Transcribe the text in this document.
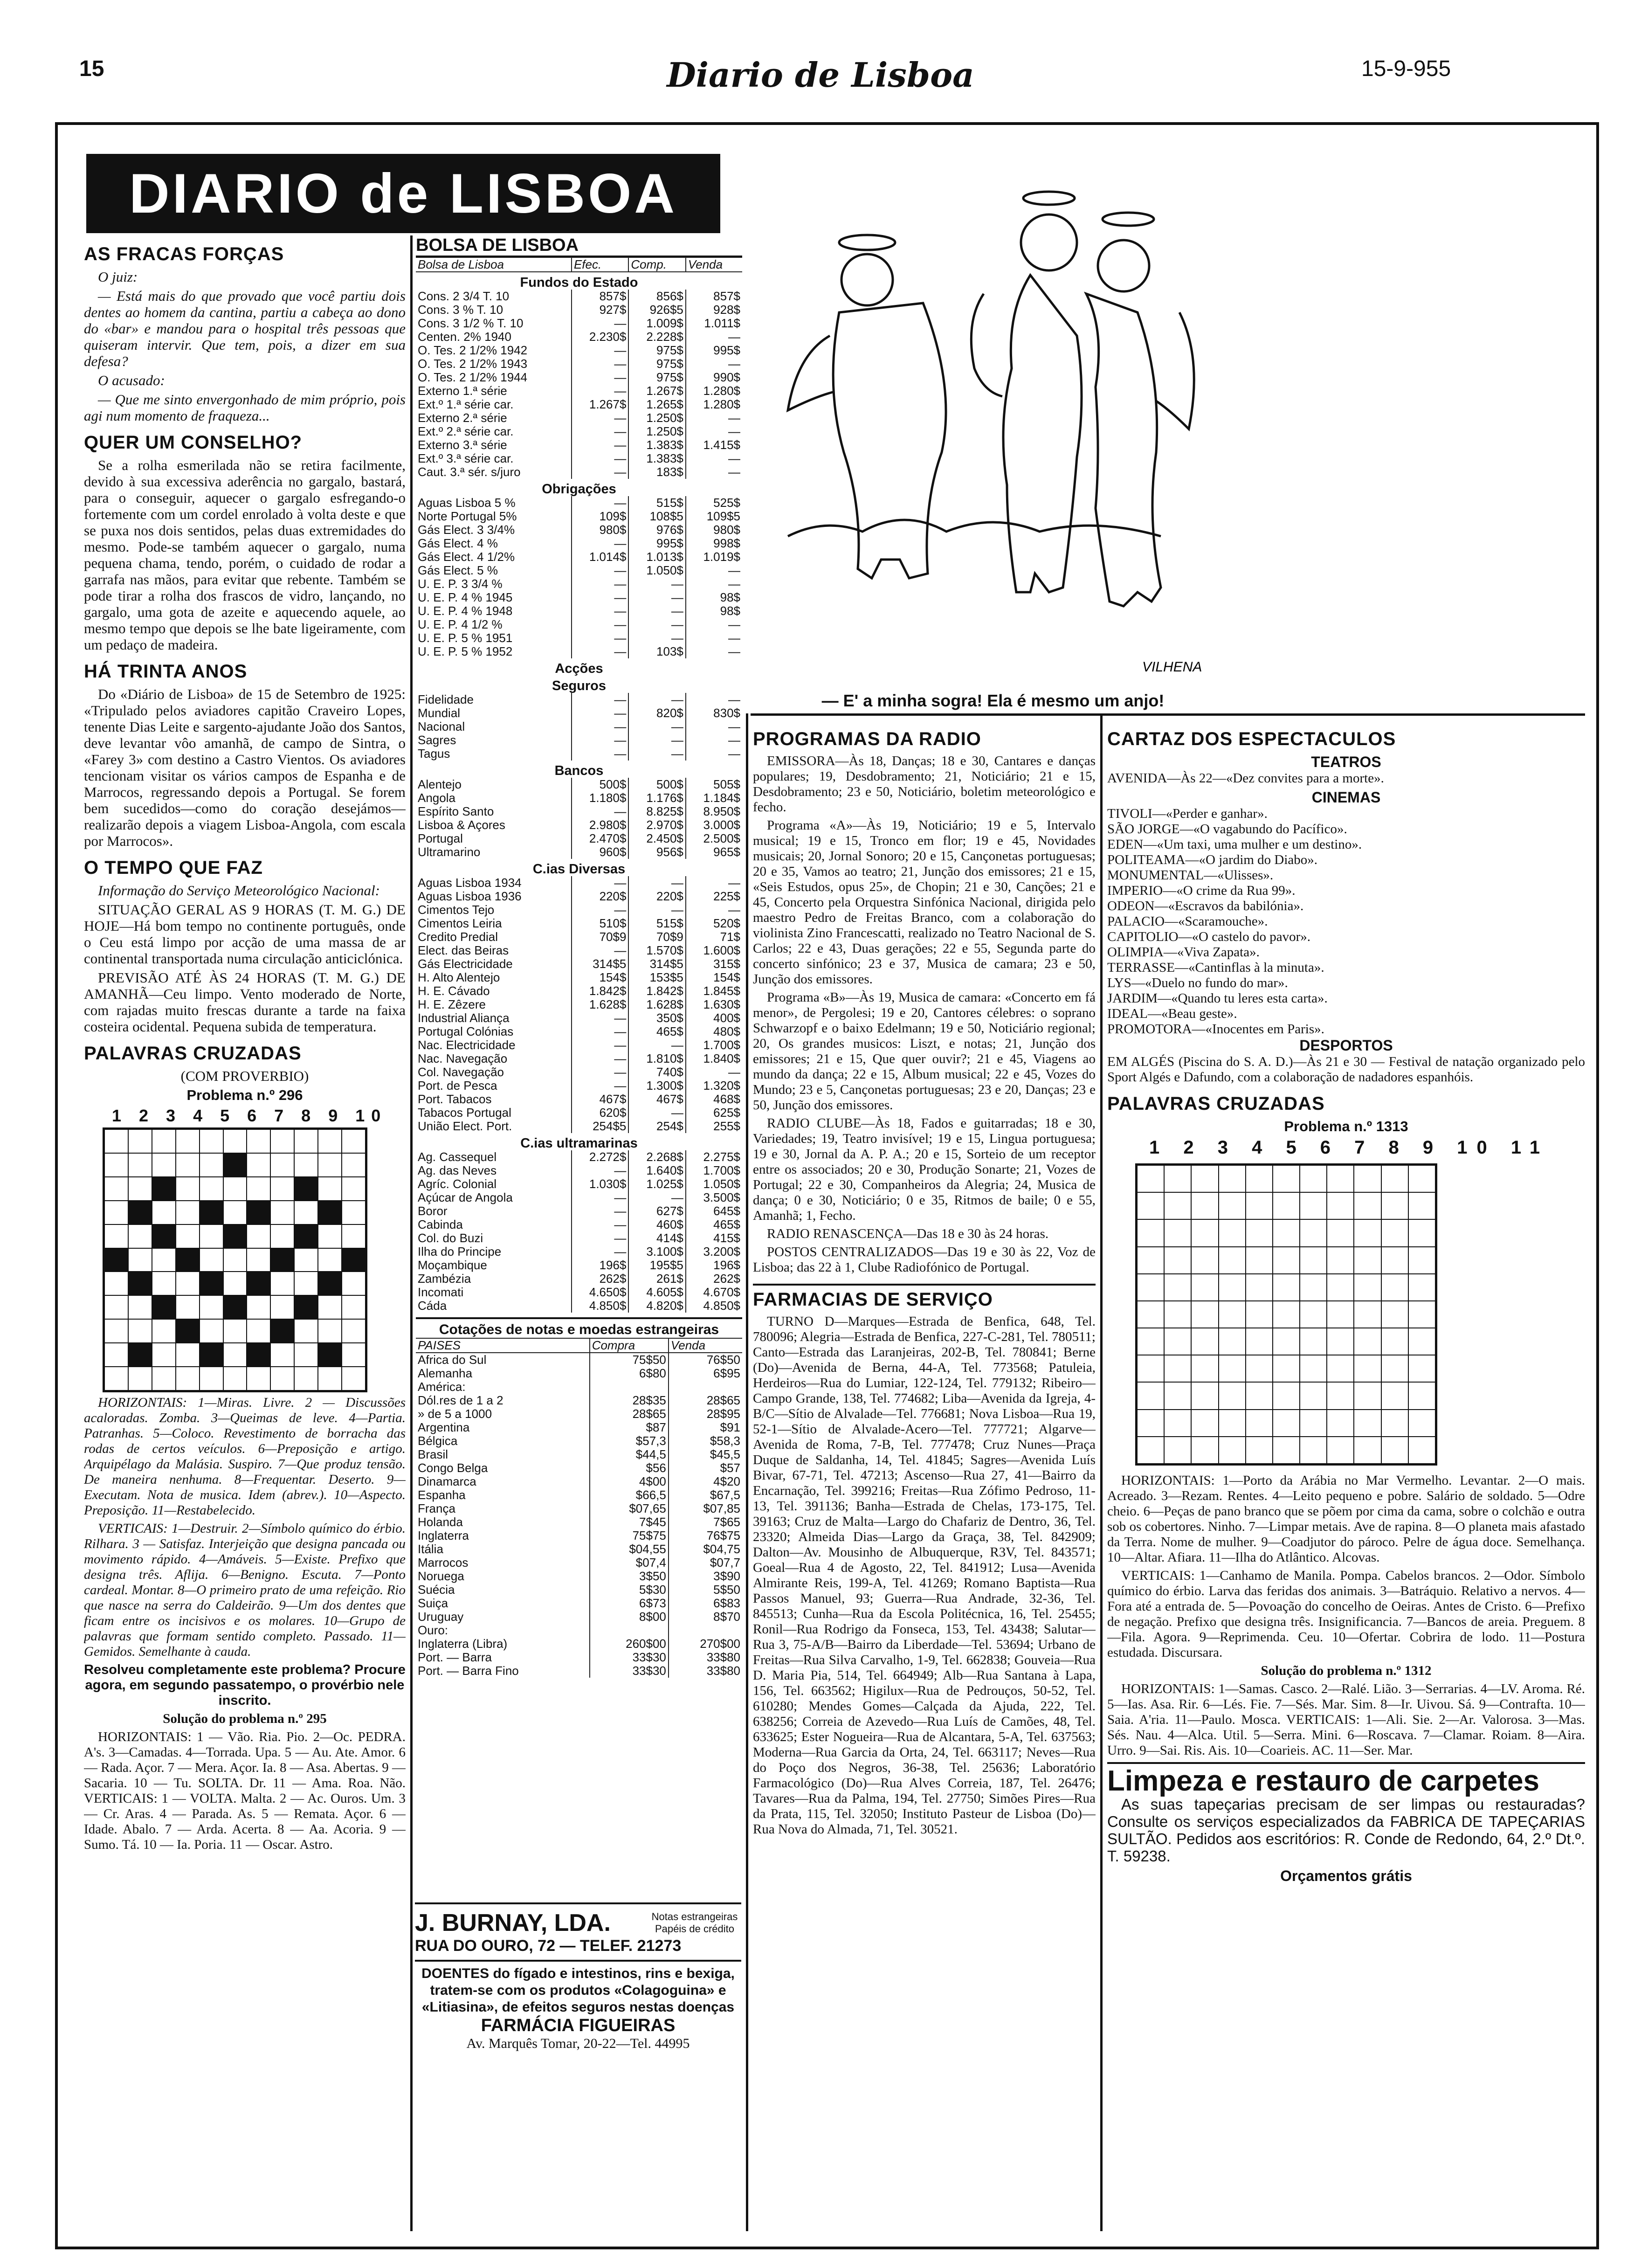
15	Diario de Lisboa	15-9-955
DIARIO de LISBOA
AS FRACAS FORÇAS

O juiz:

— Está mais do que provado que você partiu dois dentes ao homem da cantina, partiu a cabeça ao dono do «bar» e mandou para o hospital três pessoas que quiseram intervir. Que tem, pois, a dizer em sua defesa?

O acusado:

— Que me sinto envergonhado de mim próprio, pois agi num momento de fraqueza...

QUER UM CONSELHO?

Se a rolha esmerilada não se retira facilmente, devido à sua excessiva aderência no gargalo, bastará, para o conseguir, aquecer o gargalo esfregando-o fortemente com um cordel enrolado à volta deste e que se puxa nos dois sentidos, pelas duas extremidades do mesmo. Pode-se também aquecer o gargalo, numa pequena chama, tendo, porém, o cuidado de rodar a garrafa nas mãos, para evitar que rebente. Também se pode tirar a rolha dos frascos de vidro, lançando, no gargalo, uma gota de azeite e aquecendo aquele, ao mesmo tempo que depois se lhe bate ligeiramente, com um pedaço de madeira.

HÁ TRINTA ANOS

Do «Diário de Lisboa» de 15 de Setembro de 1925: «Tripulado pelos aviadores capitão Craveiro Lopes, tenente Dias Leite e sargento-ajudante João dos Santos, deve levantar vôo amanhã, de campo de Sintra, o «Farey 3» com destino a Castro Vientos. Os aviadores tencionam visitar os vários campos de Espanha e de Marrocos, regressando depois a Portugal. Se forem bem sucedidos—como do coração desejámos—realizarão depois a viagem Lisboa-Angola, com escala por Marrocos».

O TEMPO QUE FAZ

Informação do Serviço Meteorológico Nacional:

SITUAÇÃO GERAL AS 9 HORAS (T. M. G.) DE HOJE—Há bom tempo no continente português, onde o Ceu está limpo por acção de uma massa de ar continental transportada numa circulação anticiclónica.

PREVISÃO ATÉ ÀS 24 HORAS (T. M. G.) DE AMANHÃ—Ceu limpo. Vento moderado de Norte, com rajadas muito frescas durante a tarde na faixa costeira ocidental. Pequena subida de temperatura.

PALAVRAS CRUZADAS

(COM PROVERBIO)

Problema n.º 296

1 2 3 4 5 6 7 8 9 10

HORIZONTAIS: 1—Miras. Livre. 2 — Discussões acaloradas. Zomba. 3—Queimas de leve. 4—Partia. Patranhas. 5—Coloco. Revestimento de borracha das rodas de certos veículos. 6—Preposição e artigo. Arquipélago da Malásia. Suspiro. 7—Que produz tensão. De maneira nenhuma. 8—Frequentar. Deserto. 9—Executam. Nota de musica. Idem (abrev.). 10—Aspecto. Preposição. 11—Restabelecido.

VERTICAIS: 1—Destruir. 2—Símbolo químico do érbio. Rilhara. 3 — Satisfaz. Interjeição que designa pancada ou movimento rápido. 4—Amáveis. 5—Existe. Prefixo que designa três. Aflija. 6—Benigno. Escuta. 7—Ponto cardeal. Montar. 8—O primeiro prato de uma refeição. Rio que nasce na serra do Caldeirão. 9—Um dos dentes que ficam entre os incisivos e os molares. 10—Grupo de palavras que formam sentido completo. Passado. 11—Gemidos. Semelhante à cauda.

Resolveu completamente este problema? Procure agora, em segundo passatempo, o provérbio nele inscrito.

Solução do problema n.º 295

HORIZONTAIS: 1 — Vão. Ria. Pio. 2—Oc. PEDRA. A's. 3—Camadas. 4—Torrada. Upa. 5 — Au. Ate. Amor. 6 — Rada. Açor. 7 — Mera. Açor. Ia. 8 — Asa. Abertas. 9 — Sacaria. 10 — Tu. SOLTA. Dr. 11 — Ama. Roa. Não. VERTICAIS: 1 — VOLTA. Malta. 2 — Ac. Ouros. Um. 3 — Cr. Aras. 4 — Parada. As. 5 — Remata. Açor. 6 — Idade. Abalo. 7 — Arda. Acerta. 8 — Aa. Acoria. 9 — Sumo. Tá. 10 — Ia. Poria. 11 — Oscar. Astro.

BOLSA DE LISBOA
Bolsa de Lisboa	Efec.	Comp.	Venda
Fundos do Estado			
Cons. 2 3/4 T. 10	857$	856$	857$
Cons. 3 % T. 10	927$	926$5	928$
Cons. 3 1/2 % T. 10	—	1.009$	1.011$
Centen. 2% 1940	2.230$	2.228$	—
O. Tes. 2 1/2% 1942	—	975$	995$
O. Tes. 2 1/2% 1943	—	975$	—
O. Tes. 2 1/2% 1944	—	975$	990$
Externo 1.ª série	—	1.267$	1.280$
Ext.º 1.ª série car.	1.267$	1.265$	1.280$
Externo 2.ª série	—	1.250$	—
Ext.º 2.ª série car.	—	1.250$	—
Externo 3.ª série	—	1.383$	1.415$
Ext.º 3.ª série car.	—	1.383$	—
Caut. 3.ª sér. s/juro	—	183$	—
Obrigações			
Aguas Lisboa 5 %	—	515$	525$
Norte Portugal 5%	109$	108$5	109$5
Gás Elect. 3 3/4%	980$	976$	980$
Gás Elect. 4 %	—	995$	998$
Gás Elect. 4 1/2%	1.014$	1.013$	1.019$
Gás Elect. 5 %	—	1.050$	—
U. E. P. 3 3/4 %	—	—	—
U. E. P. 4 % 1945	—	—	98$
U. E. P. 4 % 1948	—	—	98$
U. E. P. 4 1/2 %	—	—	—
U. E. P. 5 % 1951	—	—	—
U. E. P. 5 % 1952	—	103$	—
Acções			
Seguros			
Fidelidade	—	—	—
Mundial	—	820$	830$
Nacional	—	—	—
Sagres	—	—	—
Tagus	—	—	—
Bancos			
Alentejo	500$	500$	505$
Angola	1.180$	1.176$	1.184$
Espírito Santo	—	8.825$	8.950$
Lisboa & Açores	2.980$	2.970$	3.000$
Portugal	2.470$	2.450$	2.500$
Ultramarino	960$	956$	965$
C.ias Diversas			
Aguas Lisboa 1934	—	—	—
Aguas Lisboa 1936	220$	220$	225$
Cimentos Tejo	—	—	—
Cimentos Leiria	510$	515$	520$
Credito Predial	70$9	70$9	71$
Elect. das Beiras	—	1.570$	1.600$
Gás Electricidade	314$5	314$5	315$
H. Alto Alentejo	154$	153$5	154$
H. E. Cávado	1.842$	1.842$	1.845$
H. E. Zêzere	1.628$	1.628$	1.630$
Industrial Aliança	—	350$	400$
Portugal Colónias	—	465$	480$
Nac. Electricidade	—	—	1.700$
Nac. Navegação	—	1.810$	1.840$
Col. Navegação	—	740$	—
Port. de Pesca	—	1.300$	1.320$
Port. Tabacos	467$	467$	468$
Tabacos Portugal	620$	—	625$
União Elect. Port.	254$5	254$	255$
C.ias ultramarinas			
Ag. Cassequel	2.272$	2.268$	2.275$
Ag. das Neves	—	1.640$	1.700$
Agríc. Colonial	1.030$	1.025$	1.050$
Açúcar de Angola	—	—	3.500$
Boror	—	627$	645$
Cabinda	—	460$	465$
Col. do Buzi	—	414$	415$
Ilha do Principe	—	3.100$	3.200$
Moçambique	196$	195$5	196$
Zambézia	262$	261$	262$
Incomati	4.650$	4.605$	4.670$
Cáda	4.850$	4.820$	4.850$
Cotações de notas e moedas estrangeiras
PAISES	Compra	Venda
Africa do Sul	75$50	76$50
Alemanha	6$80	6$95
América:		
Dól.res de 1 a 2	28$35	28$65
» de 5 a 1000	28$65	28$95
Argentina	$87	$91
Bélgica	$57,3	$58,3
Brasil	$44,5	$45,5
Congo Belga	$56	$57
Dinamarca	4$00	4$20
Espanha	$66,5	$67,5
França	$07,65	$07,85
Holanda	7$45	7$65
Inglaterra	75$75	76$75
Itália	$04,55	$04,75
Marrocos	$07,4	$07,7
Noruega	3$50	3$90
Suécia	5$30	5$50
Suiça	6$73	6$83
Uruguay	8$00	8$70
Ouro:		
Inglaterra (Libra)	260$00	270$00
Port. — Barra	33$30	33$80
Port. — Barra Fino	33$30	33$80
J. BURNAY, LDA.	Notas estrangeiras Papéis de crédito
RUA DO OURO, 72 — TELEF. 21273
DOENTES do fígado e intestinos, rins e bexiga, tratem-se com os produtos «Colagoguina» e «Litiasina», de efeitos seguros nestas doenças
FARMÁCIA FIGUEIRAS
Av. Marquês Tomar, 20-22—Tel. 44995
VILHENA
— E' a minha sogra! Ela é mesmo um anjo!
PROGRAMAS DA RADIO

EMISSORA—Às 18, Danças; 18 e 30, Cantares e danças populares; 19, Desdobramento; 21, Noticiário; 21 e 15, Desdobramento; 23 e 50, Noticiário, boletim meteorológico e fecho.

Programa «A»—Às 19, Noticiário; 19 e 5, Intervalo musical; 19 e 15, Tronco em flor; 19 e 45, Novidades musicais; 20, Jornal Sonoro; 20 e 15, Cançonetas portuguesas; 20 e 35, Vamos ao teatro; 21, Junção dos emissores; 21 e 15, «Seis Estudos, opus 25», de Chopin; 21 e 30, Canções; 21 e 45, Concerto pela Orquestra Sinfónica Nacional, dirigida pelo maestro Pedro de Freitas Branco, com a colaboração do violinista Zino Francescatti, realizado no Teatro Nacional de S. Carlos; 22 e 43, Duas gerações; 22 e 55, Segunda parte do concerto sinfónico; 23 e 37, Musica de camara; 23 e 50, Junção dos emissores.

Programa «B»—Às 19, Musica de camara: «Concerto em fá menor», de Pergolesi; 19 e 20, Cantores célebres: o soprano Schwarzopf e o baixo Edelmann; 19 e 50, Noticiário regional; 20, Os grandes musicos: Liszt, e notas; 21, Junção dos emissores; 21 e 15, Que quer ouvir?; 21 e 45, Viagens ao mundo da dança; 22 e 15, Album musical; 22 e 45, Vozes do Mundo; 23 e 5, Cançonetas portuguesas; 23 e 20, Danças; 23 e 50, Junção dos emissores.

RADIO CLUBE—Às 18, Fados e guitarradas; 18 e 30, Variedades; 19, Teatro invisível; 19 e 15, Lingua portuguesa; 19 e 30, Jornal da A. P. A.; 20 e 15, Sorteio de um receptor entre os associados; 20 e 30, Produção Sonarte; 21, Vozes de Portugal; 22 e 30, Companheiros da Alegria; 24, Musica de dança; 0 e 30, Noticiário; 0 e 35, Ritmos de baile; 0 e 55, Amanhã; 1, Fecho.

RADIO RENASCENÇA—Das 18 e 30 às 24 horas.

POSTOS CENTRALIZADOS—Das 19 e 30 às 22, Voz de Lisboa; das 22 à 1, Clube Radiofónico de Portugal.

FARMACIAS DE SERVIÇO

TURNO D—Marques—Estrada de Benfica, 648, Tel. 780096; Alegria—Estrada de Benfica, 227-C-281, Tel. 780511; Canto—Estrada das Laranjeiras, 202-B, Tel. 780841; Berne (Do)—Avenida de Berna, 44-A, Tel. 773568; Patuleia, Herdeiros—Rua do Lumiar, 122-124, Tel. 779132; Ribeiro—Campo Grande, 138, Tel. 774682; Liba—Avenida da Igreja, 4-B/C—Sítio de Alvalade—Tel. 776681; Nova Lisboa—Rua 19, 52-1—Sítio de Alvalade-Acero—Tel. 777721; Algarve—Avenida de Roma, 7-B, Tel. 777478; Cruz Nunes—Praça Duque de Saldanha, 14, Tel. 41845; Sagres—Avenida Luís Bivar, 67-71, Tel. 47213; Ascenso—Rua 27, 41—Bairro da Encarnação, Tel. 399216; Freitas—Rua Zófimo Pedroso, 11-13, Tel. 391136; Banha—Estrada de Chelas, 173-175, Tel. 39163; Cruz de Malta—Largo do Chafariz de Dentro, 36, Tel. 23320; Almeida Dias—Largo da Graça, 38, Tel. 842909; Dalton—Av. Mousinho de Albuquerque, R3V, Tel. 843571; Goeal—Rua 4 de Agosto, 22, Tel. 841912; Lusa—Avenida Almirante Reis, 199-A, Tel. 41269; Romano Baptista—Rua Passos Manuel, 93; Guerra—Rua Andrade, 32-36, Tel. 845513; Cunha—Rua da Escola Politécnica, 16, Tel. 25455; Ronil—Rua Rodrigo da Fonseca, 153, Tel. 43438; Salutar—Rua 3, 75-A/B—Bairro da Liberdade—Tel. 53694; Urbano de Freitas—Rua Silva Carvalho, 1-9, Tel. 662838; Gouveia—Rua D. Maria Pia, 514, Tel. 664949; Alb—Rua Santana à Lapa, 156, Tel. 663562; Higilux—Rua de Pedrouços, 50-52, Tel. 610280; Mendes Gomes—Calçada da Ajuda, 222, Tel. 638256; Correia de Azevedo—Rua Luís de Camões, 48, Tel. 633625; Ester Nogueira—Rua de Alcantara, 5-A, Tel. 637563; Moderna—Rua Garcia da Orta, 24, Tel. 663117; Neves—Rua do Poço dos Negros, 36-38, Tel. 25636; Laboratório Farmacológico (Do)—Rua Alves Correia, 187, Tel. 26476; Tavares—Rua da Palma, 194, Tel. 27750; Simões Pires—Rua da Prata, 115, Tel. 32050; Instituto Pasteur de Lisboa (Do)—Rua Nova do Almada, 71, Tel. 30521.

CARTAZ DOS ESPECTACULOS
TEATROS

AVENIDA—Às 22—«Dez convites para a morte».

CINEMAS

TIVOLI—«Perder e ganhar».

SÃO JORGE—«O vagabundo do Pacífico».

EDEN—«Um taxi, uma mulher e um destino».

POLITEAMA—«O jardim do Diabo».

MONUMENTAL—«Ulisses».

IMPERIO—«O crime da Rua 99».

ODEON—«Escravos da babilónia».

PALACIO—«Scaramouche».

CAPITOLIO—«O castelo do pavor».

OLIMPIA—«Viva Zapata».

TERRASSE—«Cantinflas à la minuta».

LYS—«Duelo no fundo do mar».

JARDIM—«Quando tu leres esta carta».

IDEAL—«Beau geste».

PROMOTORA—«Inocentes em Paris».

DESPORTOS

EM ALGÉS (Piscina do S. A. D.)—Às 21 e 30 — Festival de natação organizado pelo Sport Algés e Dafundo, com a colaboração de nadadores espanhóis.

PALAVRAS CRUZADAS

Problema n.º 1313

1 2 3 4 5 6 7 8 9 10 11

HORIZONTAIS: 1—Porto da Arábia no Mar Vermelho. Levantar. 2—O mais. Acreado. 3—Rezam. Rentes. 4—Leito pequeno e pobre. Salário de soldado. 5—Odre cheio. 6—Peças de pano branco que se põem por cima da cama, sobre o colchão e outra sob os cobertores. Ninho. 7—Limpar metais. Ave de rapina. 8—O planeta mais afastado da Terra. Nome de mulher. 9—Coadjutor do pároco. Pelre de água doce. Semelhança. 10—Altar. Afiara. 11—Ilha do Atlântico. Alcovas.

VERTICAIS: 1—Canhamo de Manila. Pompa. Cabelos brancos. 2—Odor. Símbolo químico do érbio. Larva das feridas dos animais. 3—Batráquio. Relativo a nervos. 4—Fora até a entrada de. 5—Povoação do concelho de Oeiras. Antes de Cristo. 6—Prefixo de negação. Prefixo que designa três. Insignificancia. 7—Bancos de areia. Preguem. 8—Fila. Agora. 9—Reprimenda. Ceu. 10—Ofertar. Cobrira de lodo. 11—Postura estudada. Discursara.

Solução do problema n.º 1312

HORIZONTAIS: 1—Samas. Casco. 2—Ralé. Lião. 3—Serrarias. 4—LV. Aroma. Ré. 5—Ias. Asa. Rir. 6—Lés. Fie. 7—Sés. Mar. Sim. 8—Ir. Uivou. Sá. 9—Contrafta. 10—Saia. A'ria. 11—Paulo. Mosca. VERTICAIS: 1—Ali. Sie. 2—Ar. Valorosa. 3—Mas. Sés. Nau. 4—Alca. Util. 5—Serra. Mini. 6—Roscava. 7—Clamar. Roiam. 8—Aira. Urro. 9—Sai. Ris. Ais. 10—Coarieis. AC. 11—Ser. Mar.

Limpeza e restauro de carpetes

As suas tapeçarias precisam de ser limpas ou restauradas? Consulte os serviços especializados da FABRICA DE TAPEÇARIAS SULTÃO. Pedidos aos escritórios: R. Conde de Redondo, 64, 2.º Dt.º. T. 59238.

Orçamentos grátis
